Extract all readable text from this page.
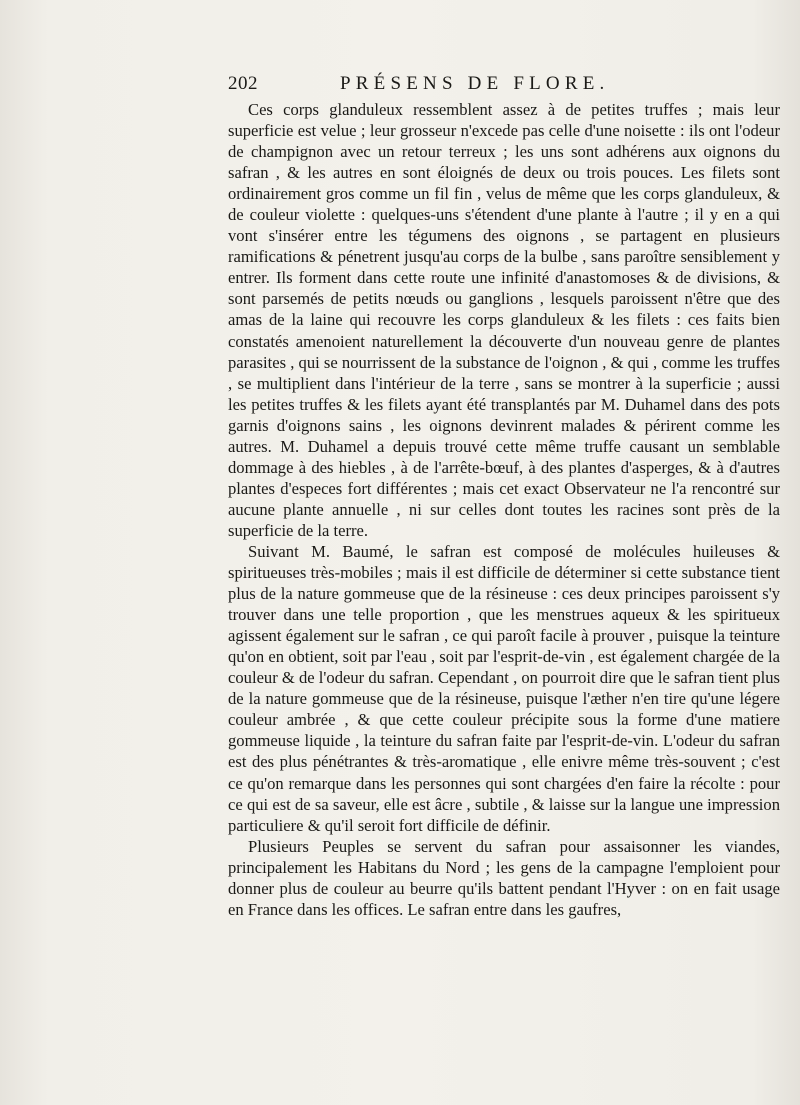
202	PRÉSENS DE FLORE.

Ces corps glanduleux ressemblent assez à de petites truffes ; mais leur superficie est velue ; leur grosseur n'excede pas celle d'une noisette : ils ont l'odeur de champignon avec un retour terreux ; les uns sont adhérens aux oignons du safran , & les autres en sont éloignés de deux ou trois pouces. Les filets sont ordinairement gros comme un fil fin , velus de même que les corps glanduleux, & de couleur violette : quelques-uns s'étendent d'une plante à l'autre ; il y en a qui vont s'insérer entre les tégumens des oignons , se partagent en plusieurs ramifications & pénetrent jusqu'au corps de la bulbe , sans paroître sensiblement y entrer. Ils forment dans cette route une infinité d'anastomoses & de divisions, & sont parsemés de petits nœuds ou ganglions , lesquels paroissent n'être que des amas de la laine qui recouvre les corps glanduleux & les filets : ces faits bien constatés amenoient naturellement la découverte d'un nouveau genre de plantes parasites , qui se nourrissent de la substance de l'oignon , & qui , comme les truffes , se multiplient dans l'intérieur de la terre , sans se montrer à la superficie ; aussi les petites truffes & les filets ayant été transplantés par M. Duhamel dans des pots garnis d'oignons sains , les oignons devinrent malades & périrent comme les autres. M. Duhamel a depuis trouvé cette même truffe causant un semblable dommage à des hiebles , à de l'arrête-bœuf, à des plantes d'asperges, & à d'autres plantes d'especes fort différentes ; mais cet exact Observateur ne l'a rencontré sur aucune plante annuelle , ni sur celles dont toutes les racines sont près de la superficie de la terre.

Suivant M. Baumé, le safran est composé de molécules huileuses & spiritueuses très-mobiles ; mais il est difficile de déterminer si cette substance tient plus de la nature gommeuse que de la résineuse : ces deux principes paroissent s'y trouver dans une telle proportion , que les menstrues aqueux & les spiritueux agissent également sur le safran , ce qui paroît facile à prouver , puisque la teinture qu'on en obtient, soit par l'eau , soit par l'esprit-de-vin , est également chargée de la couleur & de l'odeur du safran. Cependant , on pourroit dire que le safran tient plus de la nature gommeuse que de la résineuse, puisque l'æther n'en tire qu'une légere couleur ambrée , & que cette couleur précipite sous la forme d'une matiere gommeuse liquide , la teinture du safran faite par l'esprit-de-vin. L'odeur du safran est des plus pénétrantes & très-aromatique , elle enivre même très-souvent ; c'est ce qu'on remarque dans les personnes qui sont chargées d'en faire la récolte : pour ce qui est de sa saveur, elle est âcre , subtile , & laisse sur la langue une impression particuliere & qu'il seroit fort difficile de définir.

Plusieurs Peuples se servent du safran pour assaisonner les viandes, principalement les Habitans du Nord ; les gens de la campagne l'emploient pour donner plus de couleur au beurre qu'ils battent pendant l'Hyver : on en fait usage en France dans les offices. Le safran entre dans les gaufres,
